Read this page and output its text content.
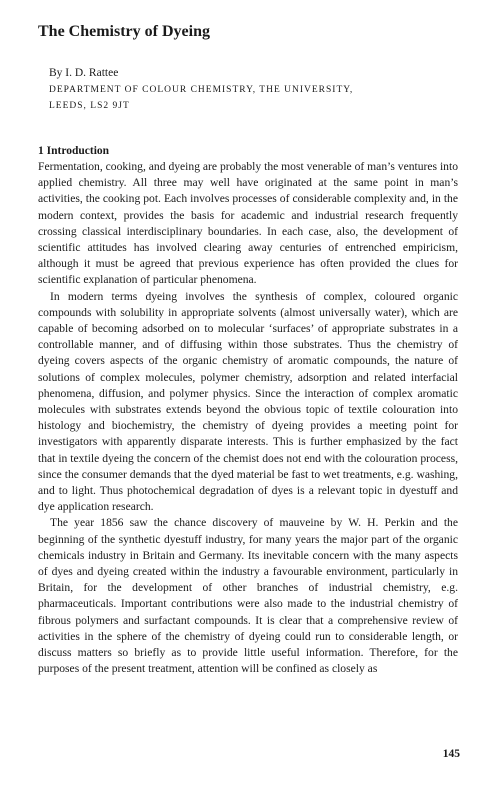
The Chemistry of Dyeing
By I. D. Rattee
DEPARTMENT OF COLOUR CHEMISTRY, THE UNIVERSITY,
LEEDS, LS2 9JT
1 Introduction

Fermentation, cooking, and dyeing are probably the most venerable of man’s ventures into applied chemistry. All three may well have originated at the same point in man’s activities, the cooking pot. Each involves processes of considerable complexity and, in the modern context, provides the basis for academic and industrial research frequently crossing classical interdisciplinary boundaries. In each case, also, the development of scientific attitudes has involved clearing away centuries of entrenched empiricism, although it must be agreed that previous experience has often provided the clues for scientific explanation of particular phenomena.

In modern terms dyeing involves the synthesis of complex, coloured organic compounds with solubility in appropriate solvents (almost universally water), which are capable of becoming adsorbed on to molecular ‘surfaces’ of appropriate substrates in a controllable manner, and of diffusing within those substrates. Thus the chemistry of dyeing covers aspects of the organic chemistry of aromatic compounds, the nature of solutions of complex molecules, polymer chemistry, adsorption and related interfacial phenomena, diffusion, and polymer physics. Since the interaction of complex aromatic molecules with substrates extends beyond the obvious topic of textile colouration into histology and biochemistry, the chemistry of dyeing provides a meeting point for investigators with apparently disparate interests. This is further emphasized by the fact that in textile dyeing the concern of the chemist does not end with the colouration process, since the consumer demands that the dyed material be fast to wet treatments, e.g. washing, and to light. Thus photochemical degradation of dyes is a relevant topic in dyestuff and dye application research.

The year 1856 saw the chance discovery of mauveine by W. H. Perkin and the beginning of the synthetic dyestuff industry, for many years the major part of the organic chemicals industry in Britain and Germany. Its inevitable concern with the many aspects of dyes and dyeing created within the industry a favourable environment, particularly in Britain, for the development of other branches of industrial chemistry, e.g. pharmaceuticals. Important contributions were also made to the industrial chemistry of fibrous polymers and surfactant compounds. It is clear that a comprehensive review of activities in the sphere of the chemistry of dyeing could run to considerable length, or discuss matters so briefly as to provide little useful information. Therefore, for the purposes of the present treatment, attention will be confined as closely as

145
